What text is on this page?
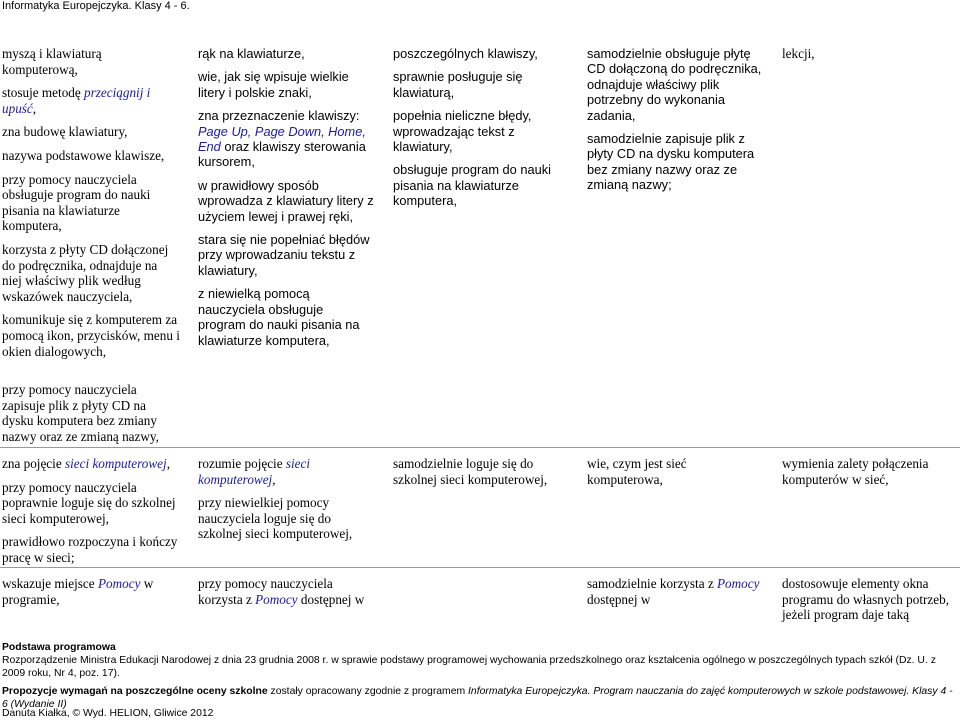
Informatyka Europejczyka. Klasy 4 - 6.

myszą i klawiaturą komputerową,

stosuje metodę przeciągnij i upuść,

zna budowę klawiatury,

nazywa podstawowe klawisze,

przy pomocy nauczyciela obsługuje program do nauki pisania na klawiaturze komputera,

korzysta z płyty CD dołączonej do podręcznika, odnajduje na niej właściwy plik według wskazówek nauczyciela,

komunikuje się z komputerem za pomocą ikon, przycisków, menu i okien dialogowych,

rąk na klawiaturze,

wie, jak się wpisuje wielkie litery i polskie znaki,

zna przeznaczenie klawiszy: Page Up, Page Down, Home, End oraz klawiszy sterowania kursorem,

w prawidłowy sposób wprowadza z klawiatury litery z użyciem lewej i prawej ręki,

stara się nie popełniać błędów przy wprowadzaniu tekstu z klawiatury,

z niewielką pomocą nauczyciela obsługuje program do nauki pisania na klawiaturze komputera,

poszczególnych klawiszy,

sprawnie posługuje się klawiaturą,

popełnia nieliczne błędy, wprowadzając tekst z klawiatury,

obsługuje program do nauki pisania na klawiaturze komputera,

samodzielnie obsługuje płytę CD dołączoną do podręcznika, odnajduje właściwy plik potrzebny do wykonania zadania,

samodzielnie zapisuje plik z płyty CD na dysku komputera bez zmiany nazwy oraz ze zmianą nazwy;

lekcji,

przy pomocy nauczyciela zapisuje plik z płyty CD na dysku komputera bez zmiany nazwy oraz ze zmianą nazwy,

zna pojęcie sieci komputerowej,

przy pomocy nauczyciela poprawnie loguje się do szkolnej sieci komputerowej,

prawidłowo rozpoczyna i kończy pracę w sieci;

rozumie pojęcie sieci komputerowej,

przy niewielkiej pomocy nauczyciela loguje się do szkolnej sieci komputerowej,

samodzielnie loguje się do szkolnej sieci komputerowej,

wie, czym jest sieć komputerowa,

wymienia zalety połączenia komputerów w sieć,

wskazuje miejsce Pomocy w programie,

przy pomocy nauczyciela korzysta z Pomocy dostępnej w

samodzielnie korzysta z Pomocy dostępnej w

dostosowuje elementy okna programu do własnych potrzeb, jeżeli program daje taką

Podstawa programowa
Rozporządzenie Ministra Edukacji Narodowej z dnia 23 grudnia 2008 r. w sprawie podstawy programowej wychowania przedszkolnego oraz kształcenia ogólnego w poszczególnych typach szkół (Dz. U. z 2009 roku, Nr 4, poz. 17).
Propozycje wymagań na poszczególne oceny szkolne zostały opracowany zgodnie z programem Informatyka Europejczyka. Program nauczania do zajęć komputerowych w szkole podstawowej. Klasy 4 - 6 (Wydanie II)
Danuta Kiałka, © Wyd. HELION, Gliwice 2012
